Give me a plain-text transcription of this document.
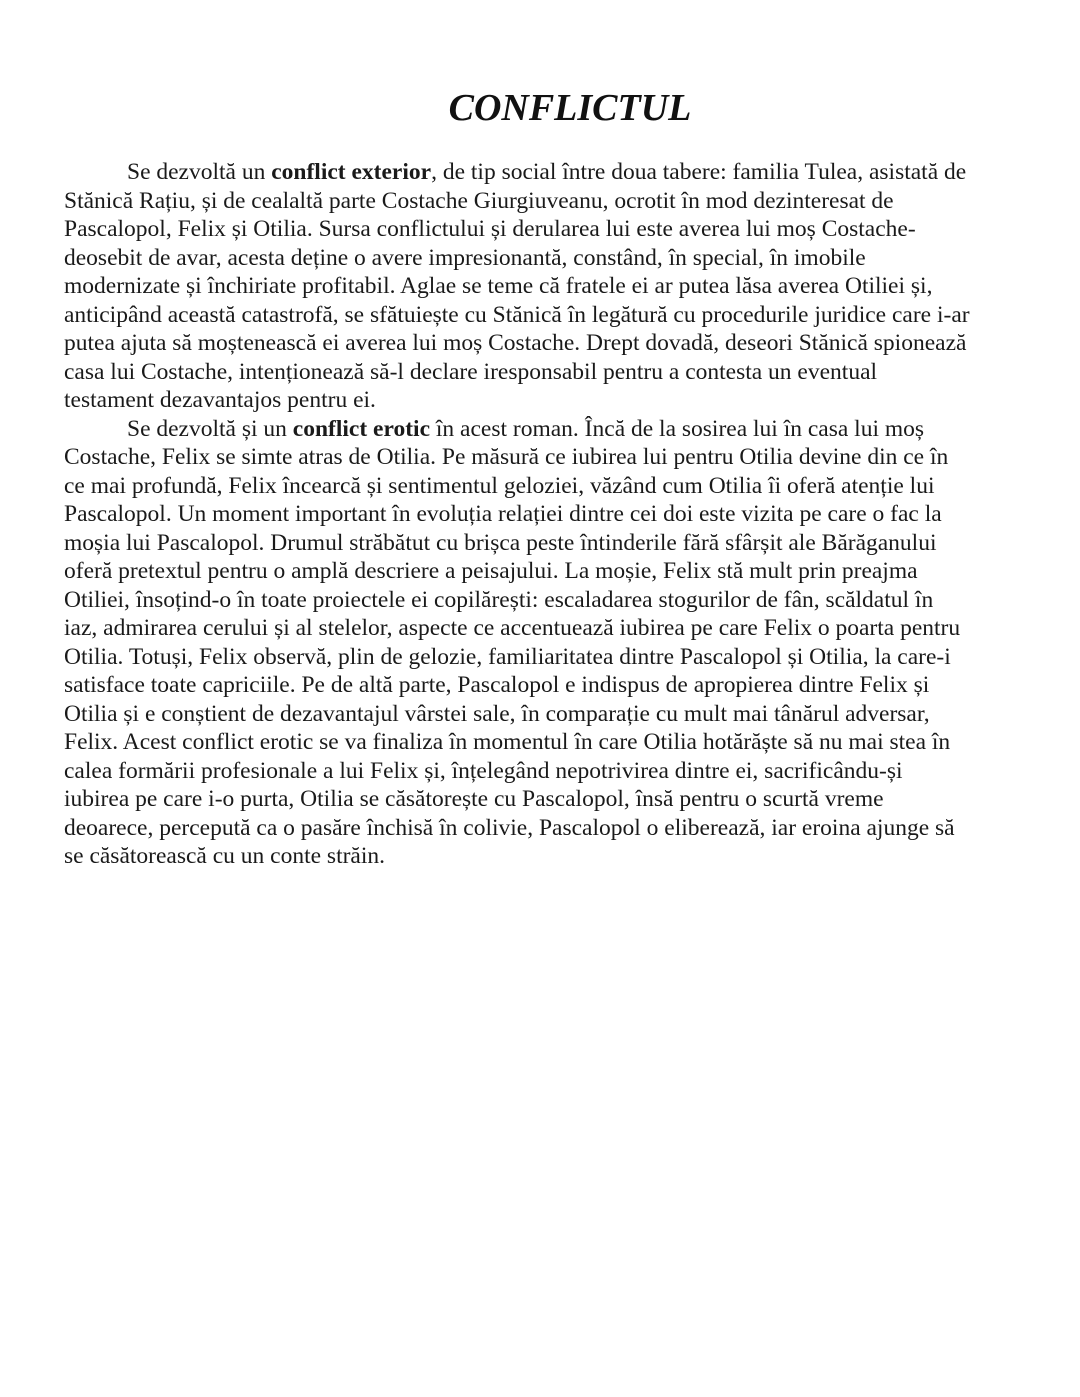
CONFLICTUL

Se dezvoltă un conflict exterior, de tip social între doua tabere: familia Tulea, asistată de
Stănică Rațiu, și de cealaltă parte Costache Giurgiuveanu, ocrotit în mod dezinteresat de
Pascalopol, Felix și Otilia. Sursa conflictului și derularea lui este averea lui moș Costache-
deosebit de avar, acesta deține o avere impresionantă, constând, în special, în imobile
modernizate și închiriate profitabil. Aglae se teme că fratele ei ar putea lăsa averea Otiliei și,
anticipând această catastrofă, se sfătuiește cu Stănică în legătură cu procedurile juridice care i-ar
putea ajuta să moștenească ei averea lui moș Costache. Drept dovadă, deseori Stănică spionează
casa lui Costache, intenționează să-l declare iresponsabil pentru a contesta un eventual
testament dezavantajos pentru ei.

Se dezvoltă și un conflict erotic în acest roman. Încă de la sosirea lui în casa lui moș
Costache, Felix se simte atras de Otilia. Pe măsură ce iubirea lui pentru Otilia devine din ce în
ce mai profundă, Felix încearcă și sentimentul geloziei, văzând cum Otilia îi oferă atenție lui
Pascalopol. Un moment important în evoluția relației dintre cei doi este vizita pe care o fac la
moșia lui Pascalopol. Drumul străbătut cu brișca peste întinderile fără sfârșit ale Bărăganului
oferă pretextul pentru o amplă descriere a peisajului. La moșie, Felix stă mult prin preajma
Otiliei, însoțind-o în toate proiectele ei copilărești: escaladarea stogurilor de fân, scăldatul în
iaz, admirarea cerului și al stelelor, aspecte ce accentuează iubirea pe care Felix o poarta pentru
Otilia. Totuși, Felix observă, plin de gelozie, familiaritatea dintre Pascalopol și Otilia, la care-i
satisface toate capriciile. Pe de altă parte, Pascalopol e indispus de apropierea dintre Felix și
Otilia și e conștient de dezavantajul vârstei sale, în comparație cu mult mai tânărul adversar,
Felix. Acest conflict erotic se va finaliza în momentul în care Otilia hotărăște să nu mai stea în
calea formării profesionale a lui Felix și, înțelegând nepotrivirea dintre ei, sacrificându-și
iubirea pe care i-o purta, Otilia se căsătorește cu Pascalopol, însă pentru o scurtă vreme
deoarece, percepută ca o pasăre închisă în colivie, Pascalopol o eliberează, iar eroina ajunge să
se căsătorească cu un conte străin.
